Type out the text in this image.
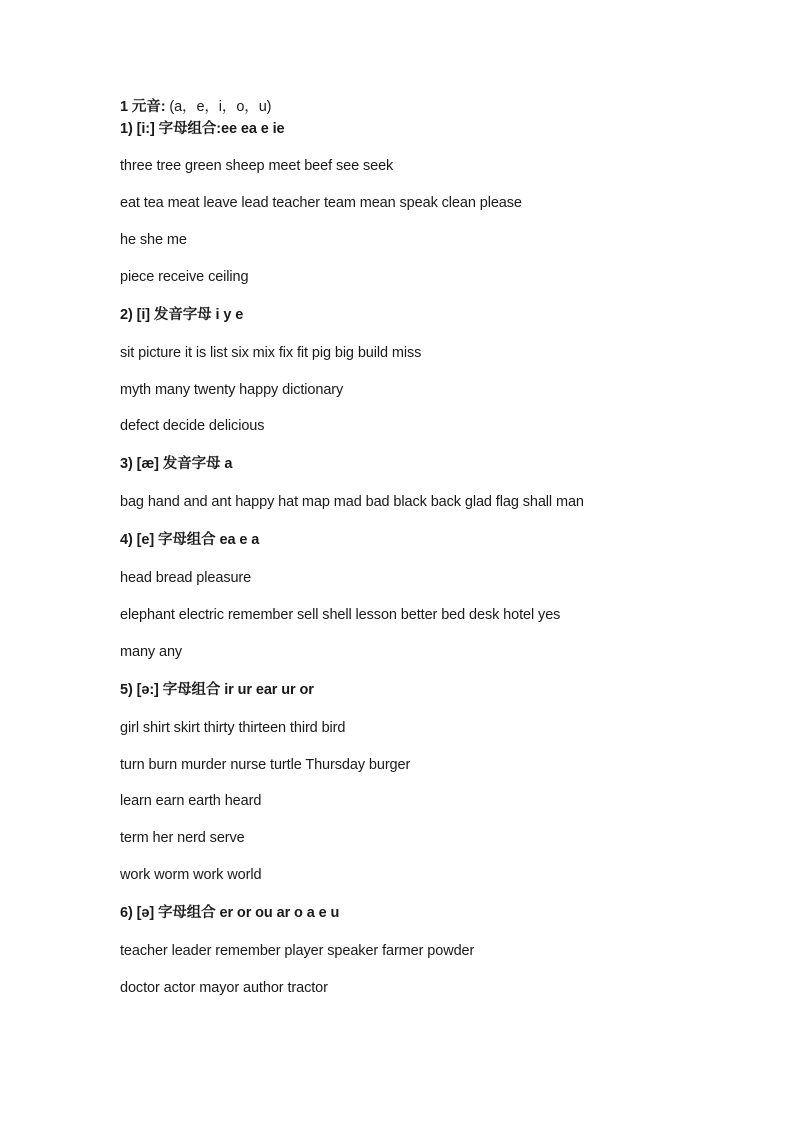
1 元音: (a，e，i，o，u)
1) [i:] 字母组合:ee ea e ie
three tree green sheep meet beef see seek
eat tea meat leave lead teacher team mean speak clean please
he she me
piece receive ceiling
2) [i] 发音字母 i y e
sit picture it is list six mix fix fit pig big build miss
myth many twenty happy dictionary
defect decide delicious
3) [æ] 发音字母 a
bag hand and ant happy hat map mad bad black back glad flag shall man
4) [e] 字母组合 ea e a
head bread pleasure
elephant electric remember sell shell lesson better bed desk hotel yes
many any
5) [ə:] 字母组合 ir ur ear ur or
girl shirt skirt thirty thirteen third bird
turn burn murder nurse turtle Thursday burger
learn earn earth heard
term her nerd serve
work worm work world
6) [ə] 字母组合 er or ou ar o a e u
teacher leader remember player speaker farmer powder
doctor actor mayor author tractor
